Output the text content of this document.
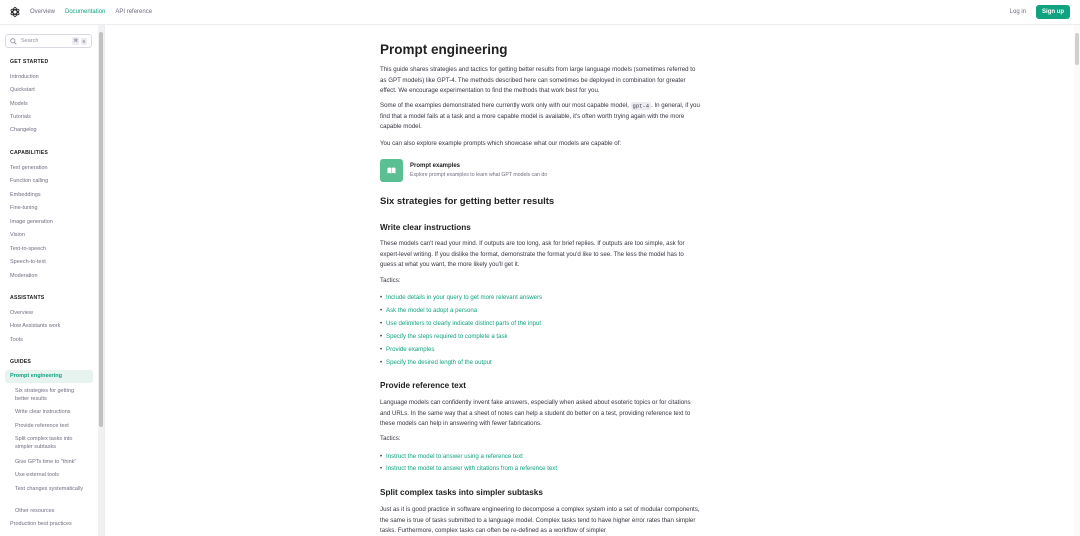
Overview Documentation API reference	Log in	Sign up
Search	⌘	K
GET STARTED
Introduction
Quickstart
Models
Tutorials
Changelog
CAPABILITIES
Text generation
Function calling
Embeddings
Fine-tuning
Image generation
Vision
Text-to-speech
Speech-to-text
Moderation
ASSISTANTS
Overview
How Assistants work
Tools
GUIDES
Prompt engineering
Six strategies for getting better results
Write clear instructions
Provide reference text
Split complex tasks into simpler subtasks
Give GPTs time to "think"
Use external tools
Test changes systematically
Other resources
Production best practices
Prompt engineering
This guide shares strategies and tactics for getting better results from large language models (sometimes referred to as GPT models) like GPT-4. The methods described here can sometimes be deployed in combination for greater effect. We encourage experimentation to find the methods that work best for you.
Some of the examples demonstrated here currently work only with our most capable model, gpt-4 . In general, if you find that a model fails at a task and a more capable model is available, it's often worth trying again with the more capable model.
You can also explore example prompts which showcase what our models are capable of:
Prompt examples
Explore prompt examples to learn what GPT models can do
Six strategies for getting better results
Write clear instructions
These models can't read your mind. If outputs are too long, ask for brief replies. If outputs are too simple, ask for expert-level writing. If you dislike the format, demonstrate the format you'd like to see. The less the model has to guess at what you want, the more likely you'll get it.
Tactics:
• Include details in your query to get more relevant answers
• Ask the model to adopt a persona
• Use delimiters to clearly indicate distinct parts of the input
• Specify the steps required to complete a task
• Provide examples
• Specify the desired length of the output
Provide reference text
Language models can confidently invent fake answers, especially when asked about esoteric topics or for citations and URLs. In the same way that a sheet of notes can help a student do better on a test, providing reference text to these models can help in answering with fewer fabrications.
Tactics:
• Instruct the model to answer using a reference text
• Instruct the model to answer with citations from a reference text
Split complex tasks into simpler subtasks
Just as it is good practice in software engineering to decompose a complex system into a set of modular components, the same is true of tasks submitted to a language model. Complex tasks tend to have higher error rates than simpler tasks. Furthermore, complex tasks can often be re-defined as a workflow of simpler
